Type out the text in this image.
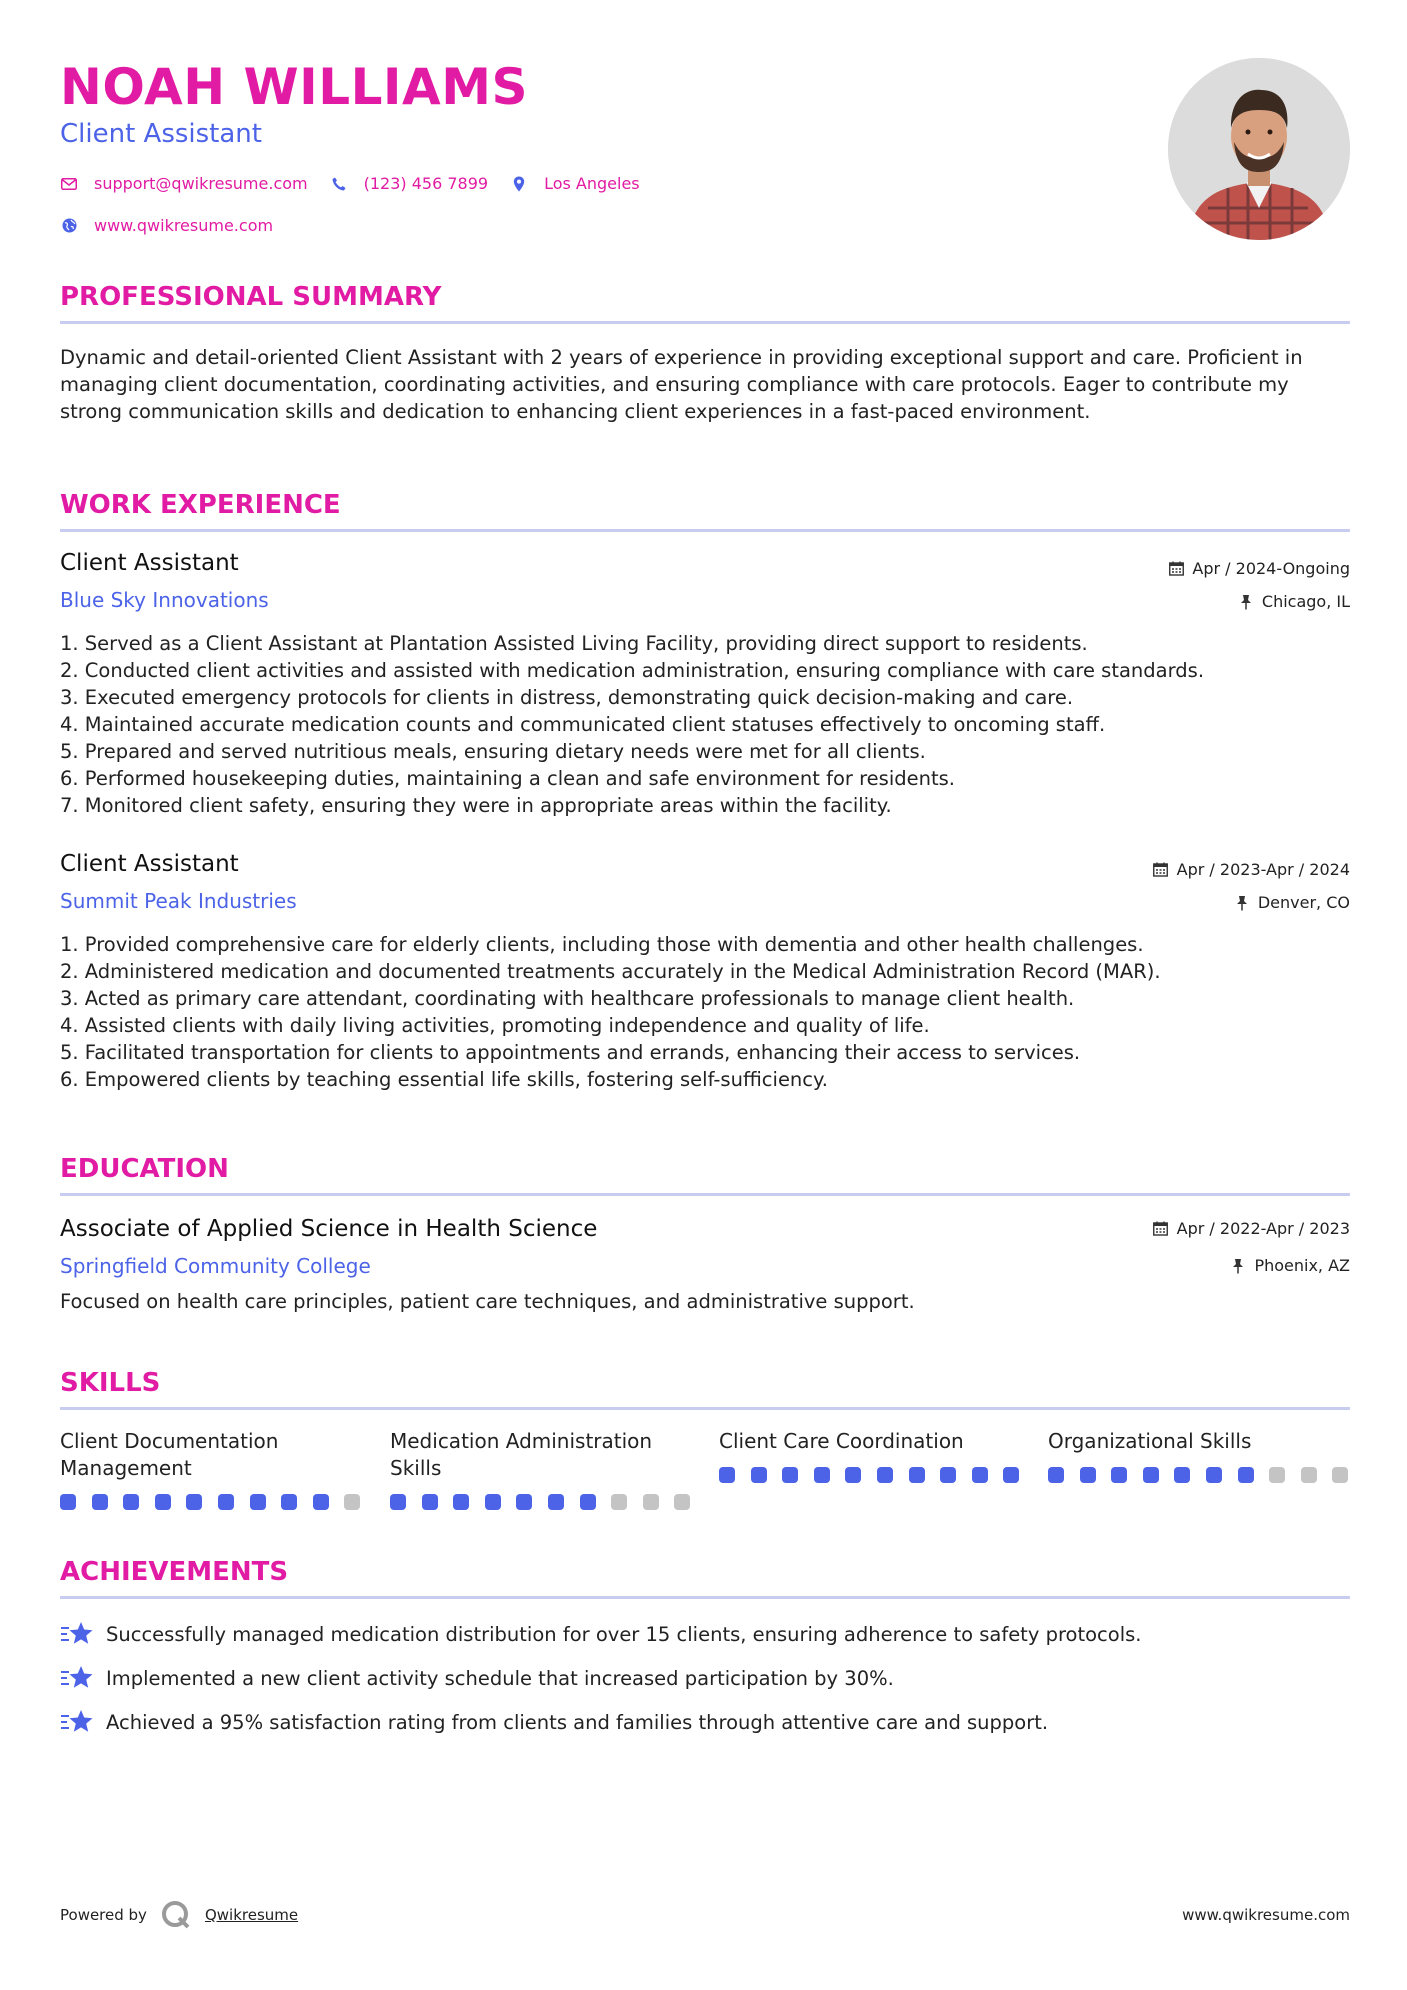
NOAH WILLIAMS
Client Assistant
support@qwikresume.com	(123) 456 7899	Los Angeles
www.qwikresume.com
PROFESSIONAL SUMMARY
Dynamic and detail-oriented Client Assistant with 2 years of experience in providing exceptional support and care. Proficient in managing client documentation, coordinating activities, and ensuring compliance with care protocols. Eager to contribute my strong communication skills and dedication to enhancing client experiences in a fast-paced environment.
WORK EXPERIENCE
Client Assistant	Apr / 2024-Ongoing
Blue Sky Innovations	Chicago, IL
1. Served as a Client Assistant at Plantation Assisted Living Facility, providing direct support to residents.
2. Conducted client activities and assisted with medication administration, ensuring compliance with care standards.
3. Executed emergency protocols for clients in distress, demonstrating quick decision-making and care.
4. Maintained accurate medication counts and communicated client statuses effectively to oncoming staff.
5. Prepared and served nutritious meals, ensuring dietary needs were met for all clients.
6. Performed housekeeping duties, maintaining a clean and safe environment for residents.
7. Monitored client safety, ensuring they were in appropriate areas within the facility.
Client Assistant	Apr / 2023-Apr / 2024
Summit Peak Industries	Denver, CO
1. Provided comprehensive care for elderly clients, including those with dementia and other health challenges.
2. Administered medication and documented treatments accurately in the Medical Administration Record (MAR).
3. Acted as primary care attendant, coordinating with healthcare professionals to manage client health.
4. Assisted clients with daily living activities, promoting independence and quality of life.
5. Facilitated transportation for clients to appointments and errands, enhancing their access to services.
6. Empowered clients by teaching essential life skills, fostering self-sufficiency.
EDUCATION
Associate of Applied Science in Health Science	Apr / 2022-Apr / 2023
Springfield Community College	Phoenix, AZ
Focused on health care principles, patient care techniques, and administrative support.
SKILLS
Client Documentation Management
Medication Administration Skills
Client Care Coordination	Organizational Skills
ACHIEVEMENTS
Successfully managed medication distribution for over 15 clients, ensuring adherence to safety protocols.
Implemented a new client activity schedule that increased participation by 30%.
Achieved a 95% satisfaction rating from clients and families through attentive care and support.
Powered by	Qwikresume	www.qwikresume.com
